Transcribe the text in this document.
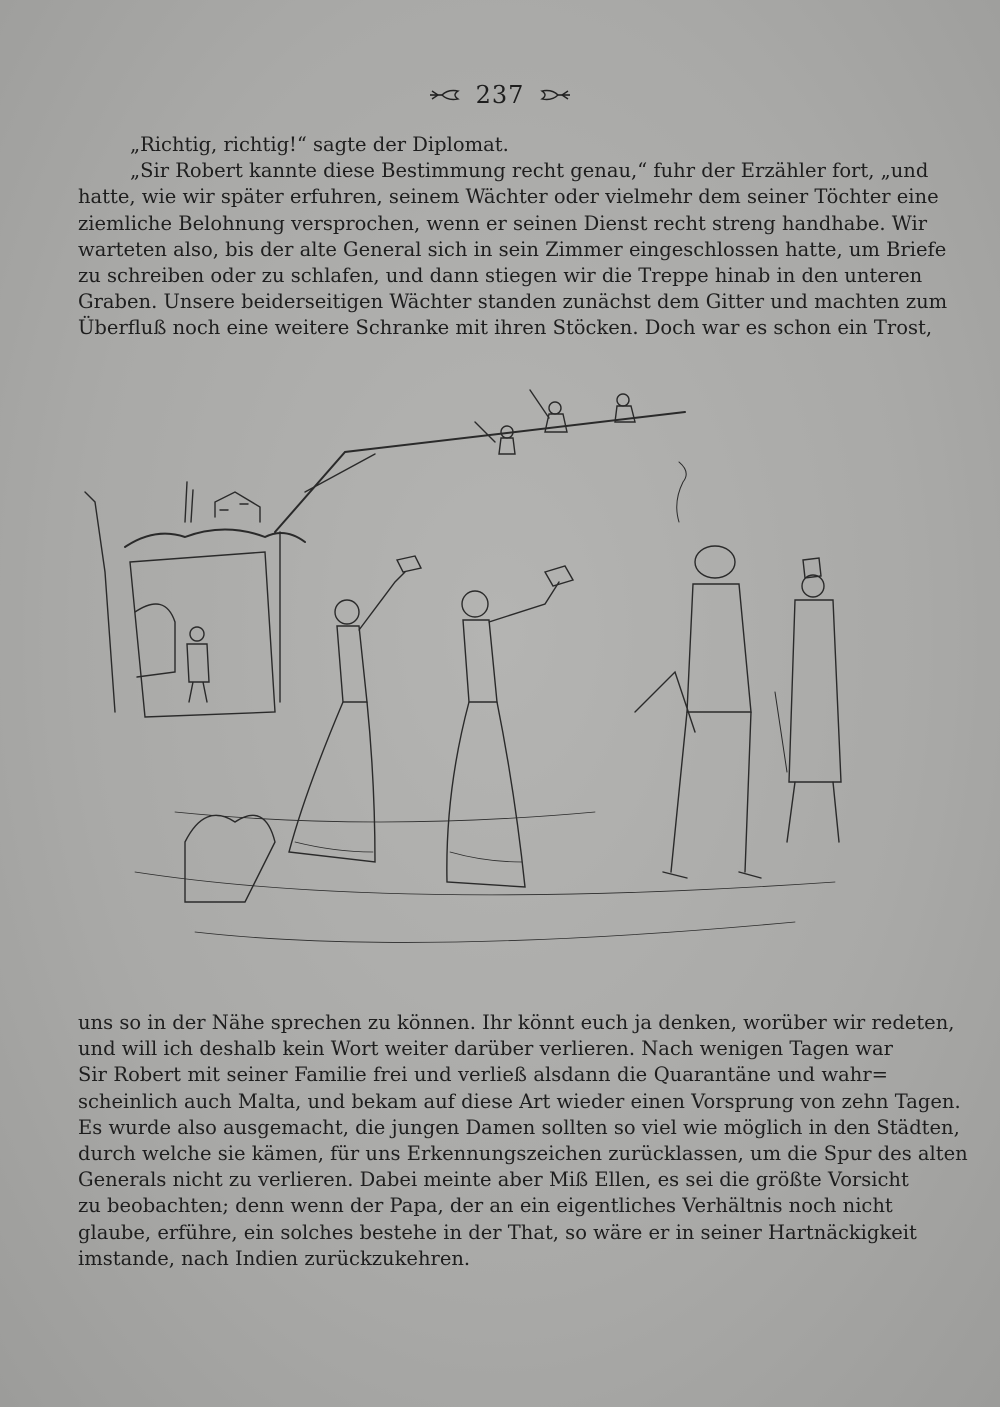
237
„Richtig, richtig!“ sagte der Diplomat.
„Sir Robert kannte diese Bestimmung recht genau,“ fuhr der Erzähler fort, „und
hatte, wie wir später erfuhren, seinem Wächter oder vielmehr dem seiner Töchter eine
ziemliche Belohnung versprochen, wenn er seinen Dienst recht streng handhabe. Wir
warteten also, bis der alte General sich in sein Zimmer eingeschlossen hatte, um Briefe
zu schreiben oder zu schlafen, und dann stiegen wir die Treppe hinab in den unteren
Graben. Unsere beiderseitigen Wächter standen zunächst dem Gitter und machten zum
Überfluß noch eine weitere Schranke mit ihren Stöcken. Doch war es schon ein Trost,
uns so in der Nähe sprechen zu können. Ihr könnt euch ja denken, worüber wir redeten,
und will ich deshalb kein Wort weiter darüber verlieren. Nach wenigen Tagen war
Sir Robert mit seiner Familie frei und verließ alsdann die Quarantäne und wahr=
scheinlich auch Malta, und bekam auf diese Art wieder einen Vorsprung von zehn Tagen.
Es wurde also ausgemacht, die jungen Damen sollten so viel wie möglich in den Städten,
durch welche sie kämen, für uns Erkennungszeichen zurücklassen, um die Spur des alten
Generals nicht zu verlieren. Dabei meinte aber Miß Ellen, es sei die größte Vorsicht
zu beobachten; denn wenn der Papa, der an ein eigentliches Verhältnis noch nicht
glaube, erführe, ein solches bestehe in der That, so wäre er in seiner Hartnäckigkeit
imstande, nach Indien zurückzukehren.
